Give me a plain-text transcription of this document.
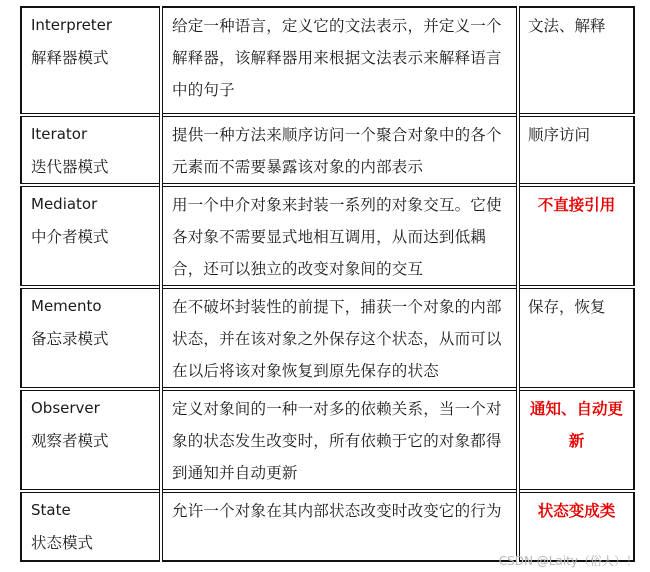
Interpreter
解释器模式	给定一种语言，定义它的文法表示，并定义一个解释器，该解释器用来根据文法表示来解释语言中的句子	文法、解释

Iterator
迭代器模式	提供一种方法来顺序访问一个聚合对象中的各个元素而不需要暴露该对象的内部表示	顺序访问

Mediator
中介者模式	用一个中介对象来封装一系列的对象交互。它使各对象不需要显式地相互调用，从而达到低耦合，还可以独立的改变对象间的交互	不直接引用

Memento
备忘录模式	在不破坏封装性的前提下，捕获一个对象的内部状态，并在该对象之外保存这个状态，从而可以在以后将该对象恢复到原先保存的状态	保存，恢复

Observer
观察者模式	定义对象间的一种一对多的依赖关系，当一个对象的状态发生改变时，所有依赖于它的对象都得到通知并自动更新	通知、自动更新

State
状态模式	允许一个对象在其内部状态改变时改变它的行为	状态变成类
CSDN @Laity（俗人）！
